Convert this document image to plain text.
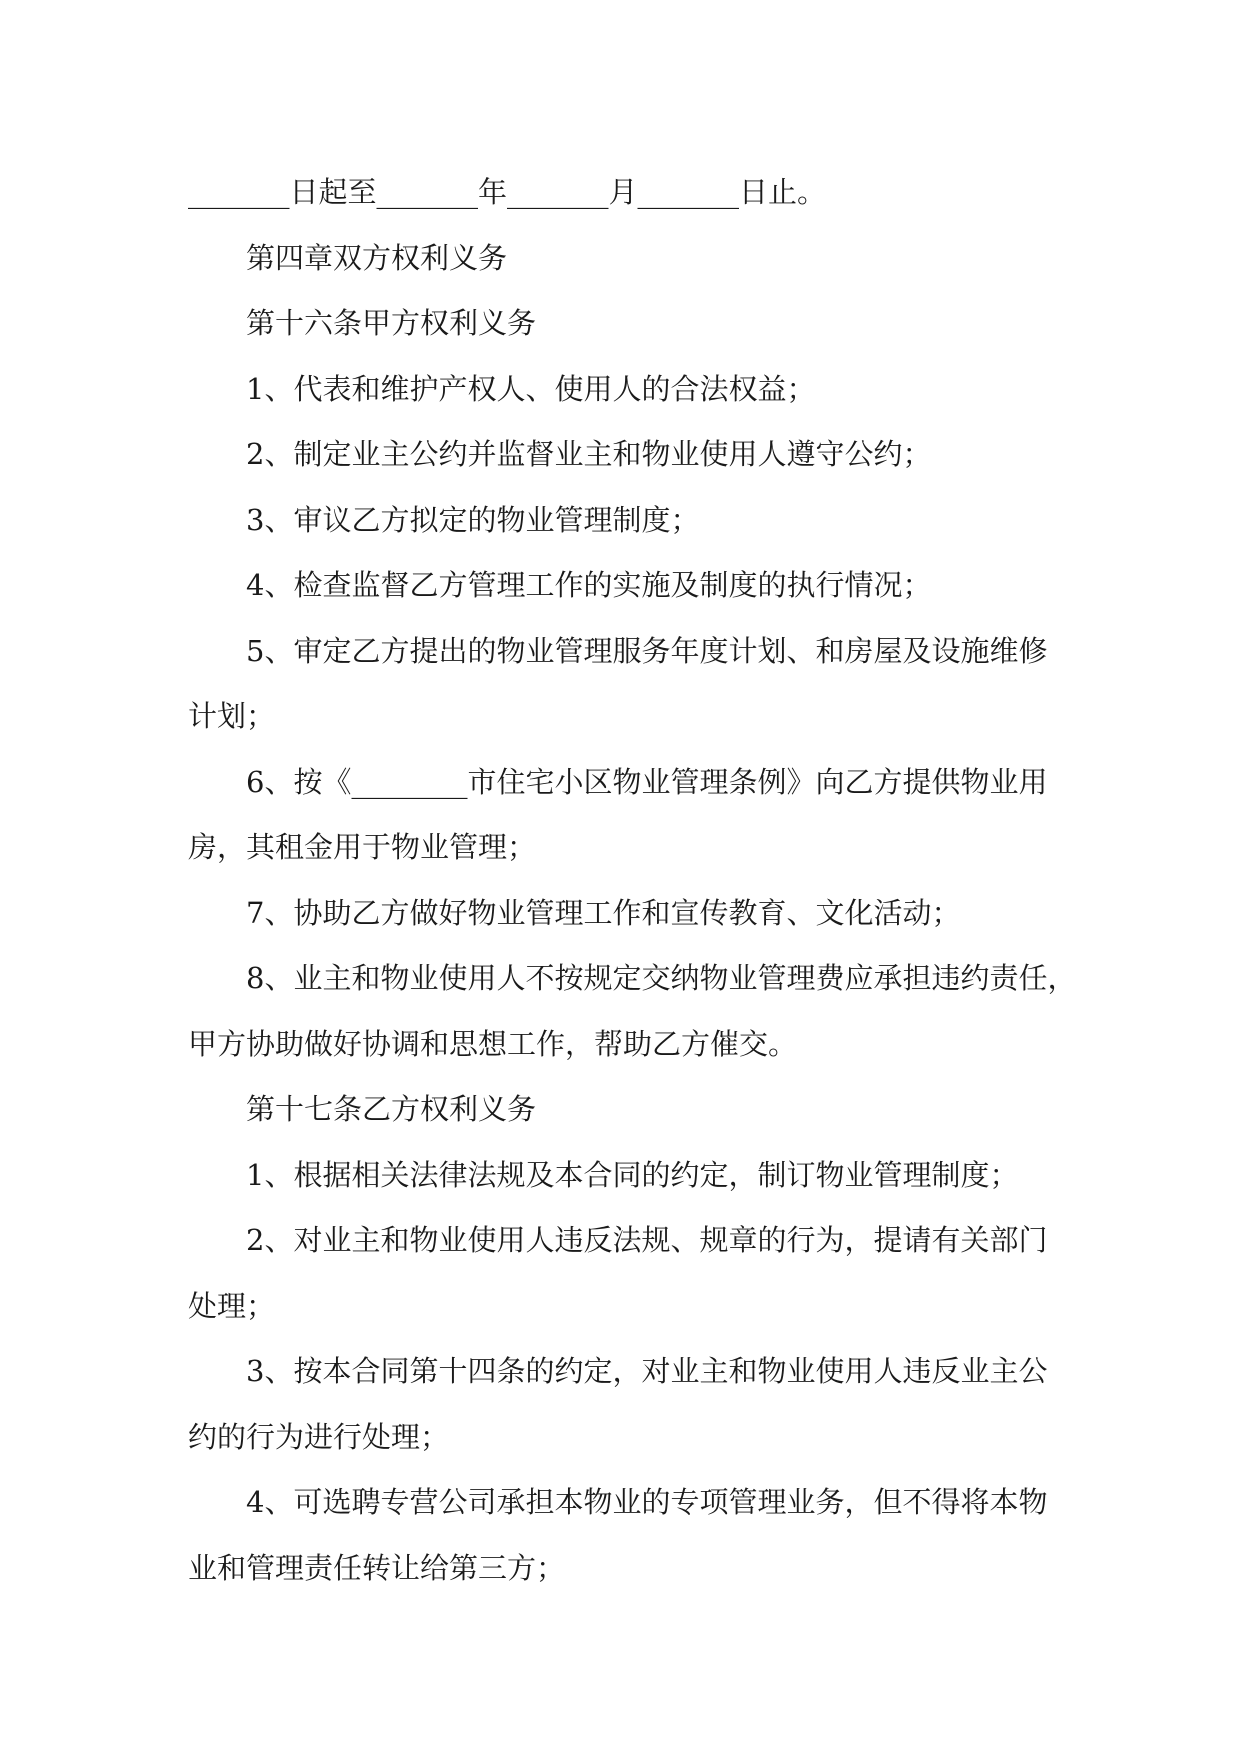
_______日起至_______年_______月_______日止。

第四章双方权利义务

第十六条甲方权利义务

1、代表和维护产权人、使用人的合法权益；

2、制定业主公约并监督业主和物业使用人遵守公约；

3、审议乙方拟定的物业管理制度；

4、检查监督乙方管理工作的实施及制度的执行情况；

5、审定乙方提出的物业管理服务年度计划、和房屋及设施维修

计划；

6、按《________市住宅小区物业管理条例》向乙方提供物业用

房，其租金用于物业管理；

7、协助乙方做好物业管理工作和宣传教育、文化活动；

8、业主和物业使用人不按规定交纳物业管理费应承担违约责任，

甲方协助做好协调和思想工作，帮助乙方催交。

第十七条乙方权利义务

1、根据相关法律法规及本合同的约定，制订物业管理制度；

2、对业主和物业使用人违反法规、规章的行为，提请有关部门

处理；

3、按本合同第十四条的约定，对业主和物业使用人违反业主公

约的行为进行处理；

4、可选聘专营公司承担本物业的专项管理业务，但不得将本物

业和管理责任转让给第三方；
